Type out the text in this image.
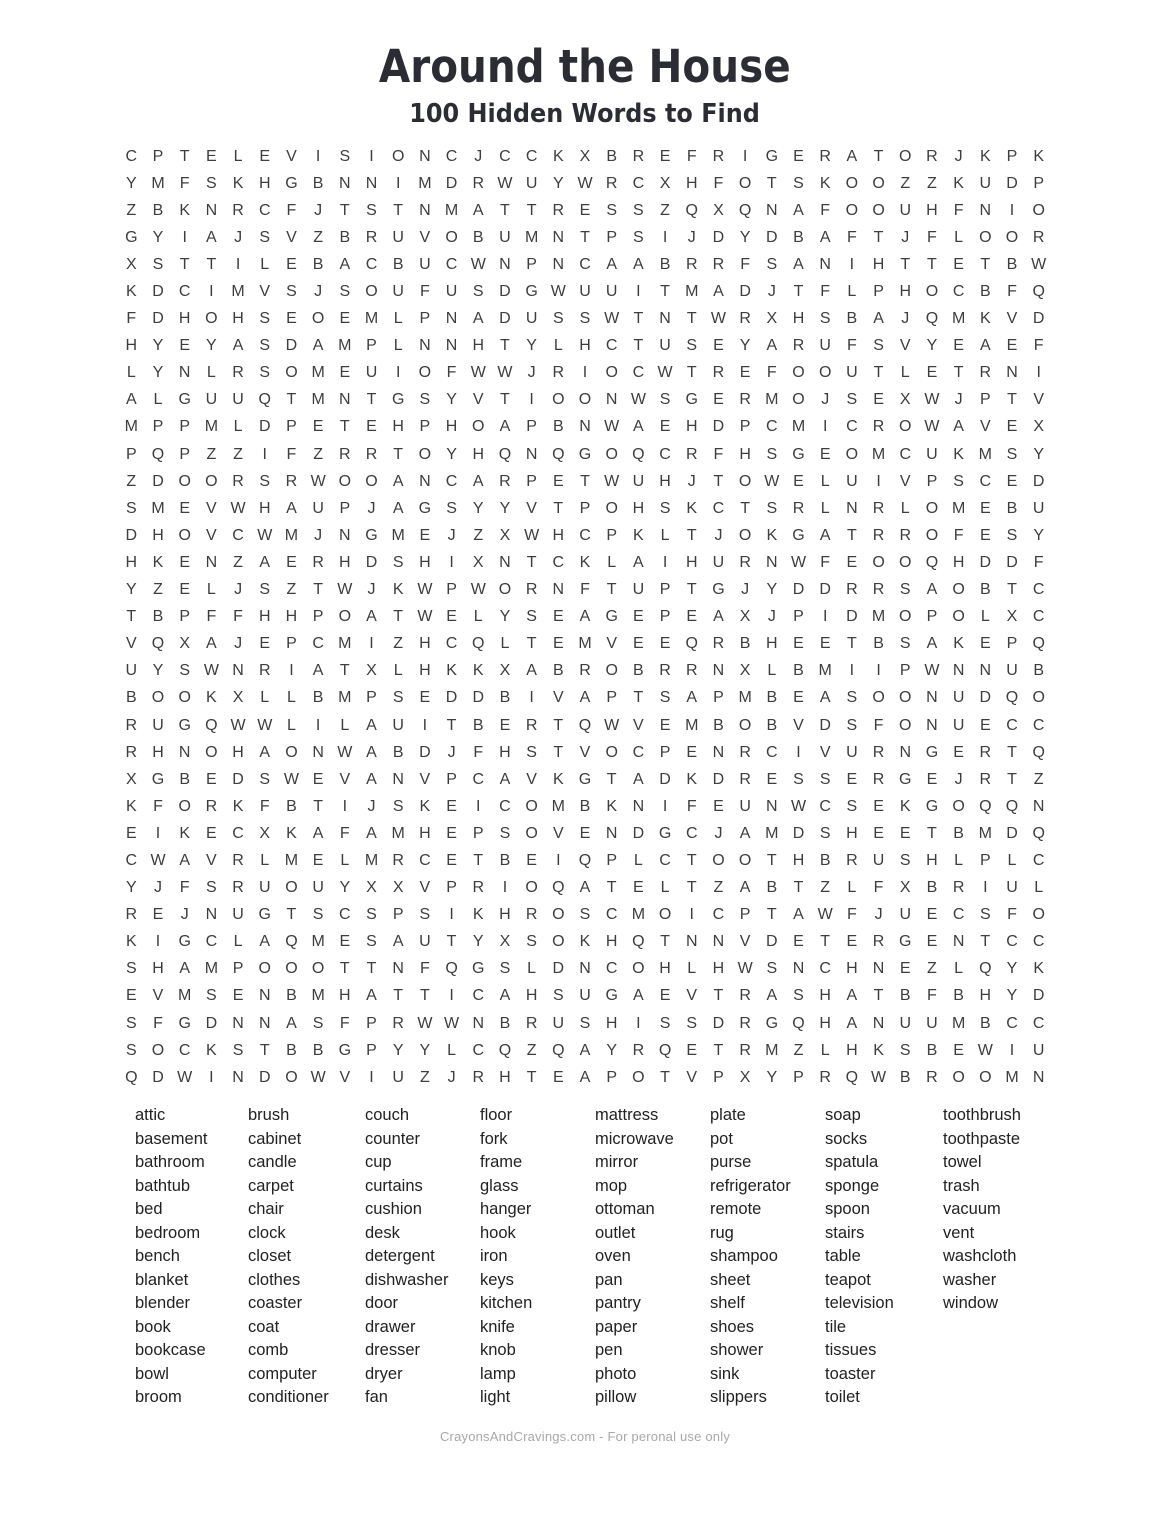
Around the House
100 Hidden Words to Find
C P	T	E	L	E	V	I	S	I	O N C	J	C C K	X	B R E	F	R	I	G E R A	T O R	J	K	P	K
Y M F	S	K H G B N N	I	M D R W U Y W R C X H	F O T	S	K O O Z	Z	K U D P
Z	B	K N R C	F	J	T	S	T	N M A	T	T	R E	S	S	Z Q X Q N A	F O O U H	F	N	I	O
G Y	I	A	J	S	V	Z	B R U V O B U M N	T	P	S	I	J	D Y D B	A	F	T	J	F	L	O O R
X	S	T	T	I	L	E	B	A C B U C W N P N C A	A	B R R	F	S	A N	I	H	T	T	E	T	B W
K D C	I	M V	S	J	S O U	F	U S D G W U U	I	T M A D	J	T	F	L	P H O C B	F Q
F	D H O H S	E O E M L	P N A D U S	S W T	N	T W R X H S	B	A	J	Q M K	V D
H Y	E	Y	A	S D A M P	L	N N H	T	Y	L	H C	T	U S	E	Y	A R U	F	S	V	Y	E	A	E	F
L	Y N	L	R S O M E U	I	O F W W J	R	I	O C W T	R E	F O O U	T	L	E	T	R N	I
A	L	G U U Q T M N	T G S	Y	V	T	I	O O N W S G E R M O	J	S	E	X W J	P	T	V
M P	P M L	D P	E	T	E H P H O A	P	B N W A	E H D P C M	I	C R O W A	V	E	X
P Q P	Z	Z	I	F	Z	R R	T O Y H Q N Q G O Q C R	F	H S G E O M C U K M S	Y
Z	D O O R S R W O O A N C A R P	E	T W U H	J	T O W E	L	U	I	V	P	S C E D
S M E	V W H A U P	J	A G S	Y	Y	V	T	P O H S	K C	T	S R	L	N R	L	O M E	B U
D H O V C W M	J	N G M E	J	Z	X W H C P	K	L	T	J	O K G A	T	R R O F	E	S	Y
H K	E N	Z	A	E R H D S H	I	X N	T	C K	L	A	I	H U R N W F	E O O Q H D D	F
Y	Z	E	L	J	S	Z	T W J	K W P W O R N	F	T	U P	T G	J	Y D D R R S	A O B	T	C
T	B	P	F	F	H H P O A	T W E	L	Y	S	E	A G E	P	E	A	X	J	P	I	D M O P O	L	X C
V Q X	A	J	E	P C M	I	Z	H C Q	L	T	E M V	E	E Q R B H E	E	T	B	S	A	K	E	P Q
U Y	S W N R	I	A	T	X	L	H K	K	X	A	B R O B R R N X	L	B M	I	I	P W N N U B
B O O K	X	L	L	B M P	S	E D D B	I	V	A	P	T	S	A	P M B	E	A	S O O N U D Q O
R U G Q W W L	I	L	A U	I	T	B	E R	T Q W V	E M B O B	V D S	F O N U E C C
R H N O H A O N W A	B D	J	F	H S	T	V O C P	E N R C	I	V U R N G E R	T Q
X G B	E D S W E	V	A N V	P C A	V	K G T	A D K D R E	S	S	E R G E	J	R	T	Z
K	F O R K	F	B	T	I	J	S	K	E	I	C O M B	K N	I	F	E U N W C S	E	K G O Q Q N
E	I	K	E C X	K	A	F	A M H E	P	S O V	E N D G C	J	A M D S H E	E	T	B M D Q
C W A	V R	L M E	L M R C E	T	B	E	I	Q P	L	C	T O O T	H B R U S H	L	P	L	C
Y	J	F	S R U O U Y	X	X	V	P R	I	O Q A	T	E	L	T	Z	A	B	T	Z	L	F	X	B R	I	U	L
R E	J	N U G T	S C S	P	S	I	K H R O S C M O	I	C P	T	A W F	J	U E C S	F O
K	I	G C	L	A Q M E	S	A U	T	Y	X	S O K H Q T	N N V D E	T	E R G E N	T	C C
S H A M P O O O T	T	N	F Q G S	L	D N C O H	L	H W S N C H N E	Z	L	Q Y	K
E	V M S	E N B M H A	T	T	I	C A H S U G A	E	V	T	R A	S H A	T	B	F	B H Y D
S	F G D N N A	S	F	P R W W N B R U S H	I	S	S D R G Q H A N U U M B C C
S O C K	S	T	B	B G P	Y	Y	L	C Q Z Q A	Y R Q E	T	R M Z	L	H K	S	B	E W	I	U
Q D W	I	N D O W V	I	U	Z	J	R H	T	E	A	P O T	V	P	X	Y	P R Q W B R O O M N
attic
basement
bathroom
bathtub
bed
bedroom
bench
blanket
blender
book
bookcase
bowl
broom
brush
cabinet
candle
carpet
chair
clock
closet
clothes
coaster
coat
comb
computer
conditioner
couch
counter
cup
curtains
cushion
desk
detergent
dishwasher
door
drawer
dresser
dryer
fan
floor
fork
frame
glass
hanger
hook
iron
keys
kitchen
knife
knob
lamp
light
mattress
microwave
mirror
mop
ottoman
outlet
oven
pan
pantry
paper
pen
photo
pillow
plate
pot
purse
refrigerator
remote
rug
shampoo
sheet
shelf
shoes
shower
sink
slippers
soap
socks
spatula
sponge
spoon
stairs
table
teapot
television
tile
tissues
toaster
toilet
toothbrush
toothpaste
towel
trash
vacuum
vent
washcloth
washer
window
CrayonsAndCravings.com - For peronal use only
